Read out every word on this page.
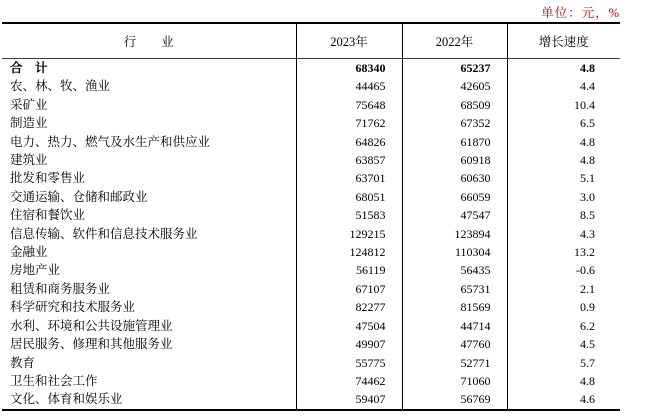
单位：元，%
行　　业	2023年	2022年	增长速度
合　计	68340	65237	4.8
农、林、牧、渔业	44465	42605	4.4
采矿业	75648	68509	10.4
制造业	71762	67352	6.5
电力、热力、燃气及水生产和供应业	64826	61870	4.8
建筑业	63857	60918	4.8
批发和零售业	63701	60630	5.1
交通运输、仓储和邮政业	68051	66059	3.0
住宿和餐饮业	51583	47547	8.5
信息传输、软件和信息技术服务业	129215	123894	4.3
金融业	124812	110304	13.2
房地产业	56119	56435	-0.6
租赁和商务服务业	67107	65731	2.1
科学研究和技术服务业	82277	81569	0.9
水利、环境和公共设施管理业	47504	44714	6.2
居民服务、修理和其他服务业	49907	47760	4.5
教育	55775	52771	5.7
卫生和社会工作	74462	71060	4.8
文化、体育和娱乐业	59407	56769	4.6
